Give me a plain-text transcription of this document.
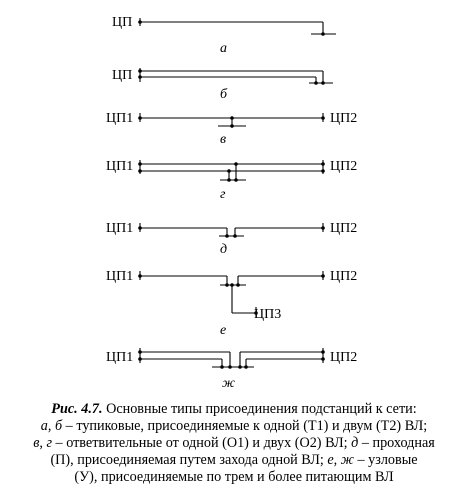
ЦП
а
ЦП
б
ЦП1	ЦП2
в
ЦП1	ЦП2
г
ЦП1	ЦП2
д
ЦП1	ЦП2
ЦП3
е
ЦП1	ЦП2
ж

Рис. 4.7. Основные типы присоединения подстанций к сети:
а, б – тупиковые, присоединяемые к одной (Т1) и двум (Т2) ВЛ;
в, г – ответвительные от одной (О1) и двух (О2) ВЛ; д – проходная
(П), присоединяемая путем захода одной ВЛ; е, ж – узловые
(У), присоединяемые по трем и более питающим ВЛ
